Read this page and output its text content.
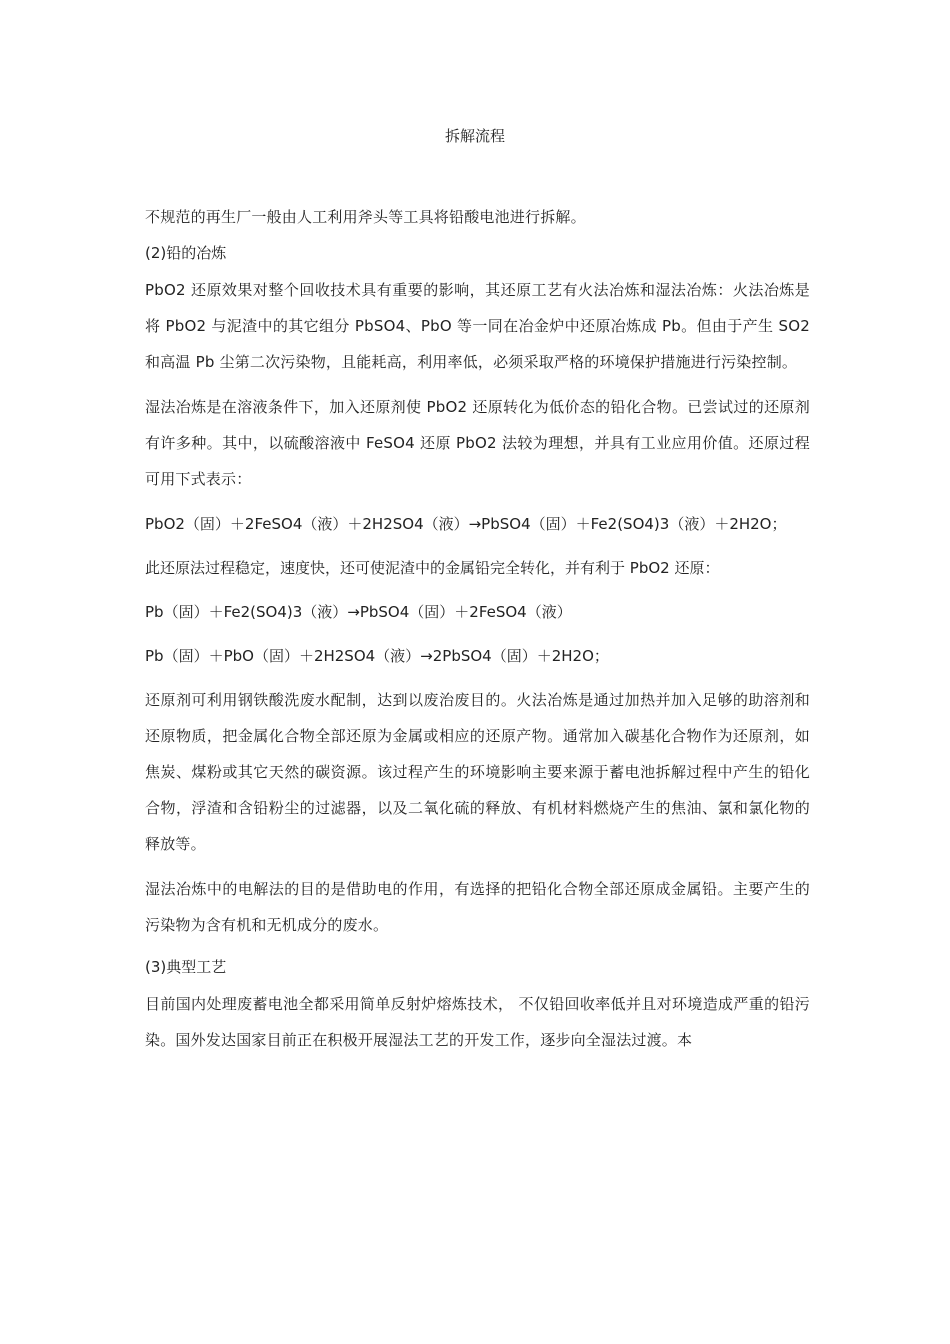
拆解流程

不规范的再生厂一般由人工利用斧头等工具将铅酸电池进行拆解。

(2)铅的冶炼

PbO2 还原效果对整个回收技术具有重要的影响，其还原工艺有火法冶炼和湿法冶炼：火法冶炼是将 PbO2 与泥渣中的其它组分 PbSO4、PbO 等一同在冶金炉中还原冶炼成 Pb。但由于产生 SO2 和高温 Pb 尘第二次污染物，且能耗高，利用率低，必须采取严格的环境保护措施进行污染控制。

湿法冶炼是在溶液条件下，加入还原剂使 PbO2 还原转化为低价态的铅化合物。已尝试过的还原剂有许多种。其中，以硫酸溶液中 FeSO4 还原 PbO2 法较为理想，并具有工业应用价值。还原过程可用下式表示：

PbO2（固）＋2FeSO4（液）＋2H2SO4（液）→PbSO4（固）＋Fe2(SO4)3（液）＋2H2O；

此还原法过程稳定，速度快，还可使泥渣中的金属铅完全转化，并有利于 PbO2 还原：

Pb（固）＋Fe2(SO4)3（液）→PbSO4（固）＋2FeSO4（液）

Pb（固）＋PbO（固）＋2H2SO4（液）→2PbSO4（固）＋2H2O；

还原剂可利用钢铁酸洗废水配制，达到以废治废目的。火法冶炼是通过加热并加入足够的助溶剂和还原物质，把金属化合物全部还原为金属或相应的还原产物。通常加入碳基化合物作为还原剂，如焦炭、煤粉或其它天然的碳资源。该过程产生的环境影响主要来源于蓄电池拆解过程中产生的铅化合物，浮渣和含铅粉尘的过滤器，以及二氧化硫的释放、有机材料燃烧产生的焦油、氯和氯化物的释放等。

湿法冶炼中的电解法的目的是借助电的作用，有选择的把铅化合物全部还原成金属铅。主要产生的污染物为含有机和无机成分的废水。

(3)典型工艺

目前国内处理废蓄电池全都采用简单反射炉熔炼技术， 不仅铅回收率低并且对环境造成严重的铅污染。国外发达国家目前正在积极开展湿法工艺的开发工作，逐步向全湿法过渡。本
